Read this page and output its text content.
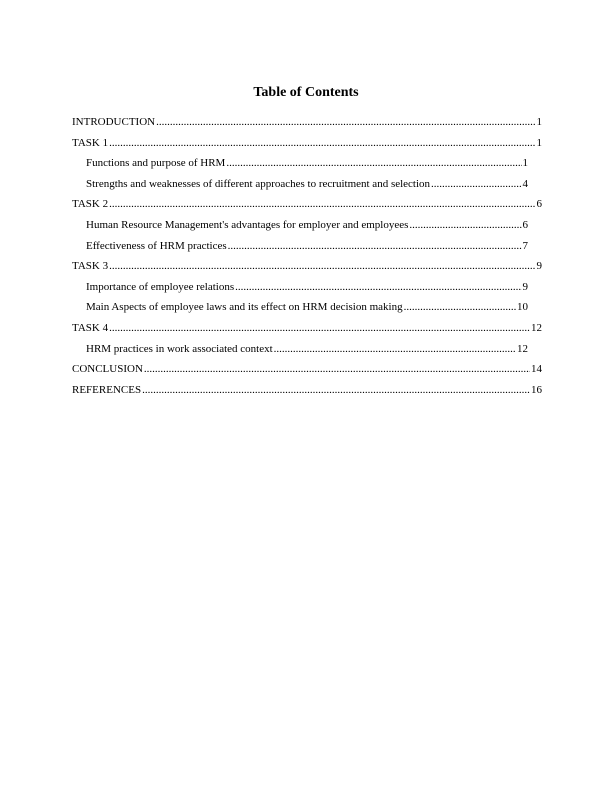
Table of Contents
INTRODUCTION .....	1
TASK 1 .....	1
Functions and purpose of HRM .....	1
Strengths and weaknesses of different approaches to recruitment and selection .....	4
TASK 2 .....	6
Human Resource Management's advantages for employer and employees .....	6
Effectiveness of HRM practices .....	7
TASK 3 .....	9
Importance of employee relations .....	9
Main Aspects of employee laws and its effect on HRM decision making .....	10
TASK 4 .....	12
HRM practices in work associated context .....	12
CONCLUSION .....	14
REFERENCES .....	16
